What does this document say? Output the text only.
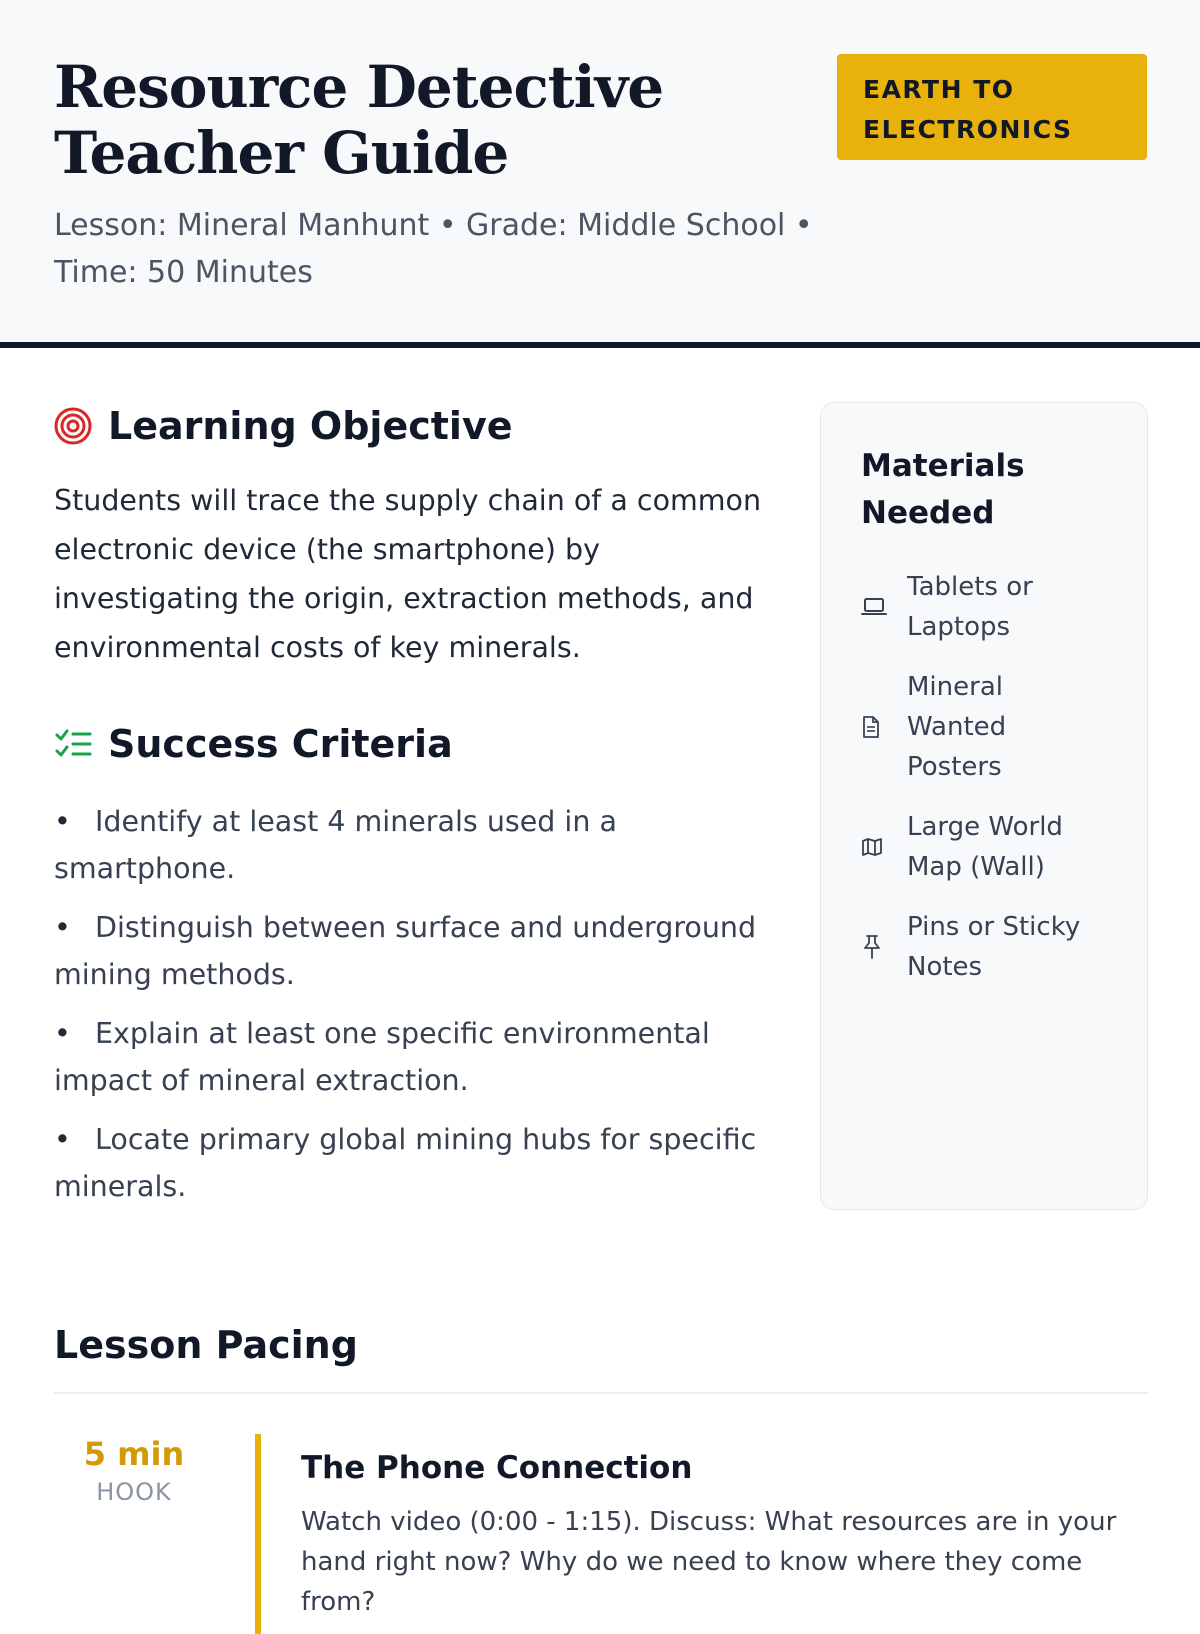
Resource Detective
Teacher Guide
Lesson: Mineral Manhunt • Grade: Middle School • Time: 50 Minutes
EARTH TO
ELECTRONICS
Learning Objective

Students will trace the supply chain of a common electronic device (the smartphone) by investigating the origin, extraction methods, and environmental costs of key minerals.

Success Criteria
• Identify at least 4 minerals used in a smartphone.
• Distinguish between surface and underground mining methods.
• Explain at least one specific environmental impact of mineral extraction.
• Locate primary global mining hubs for specific minerals.
Materials Needed
Tablets or Laptops
Mineral Wanted Posters
Large World Map (Wall)
Pins or Sticky Notes
Lesson Pacing
5 min
HOOK
The Phone Connection
Watch video (0:00 - 1:15). Discuss: What resources are in your hand right now? Why do we need to know where they come from?
